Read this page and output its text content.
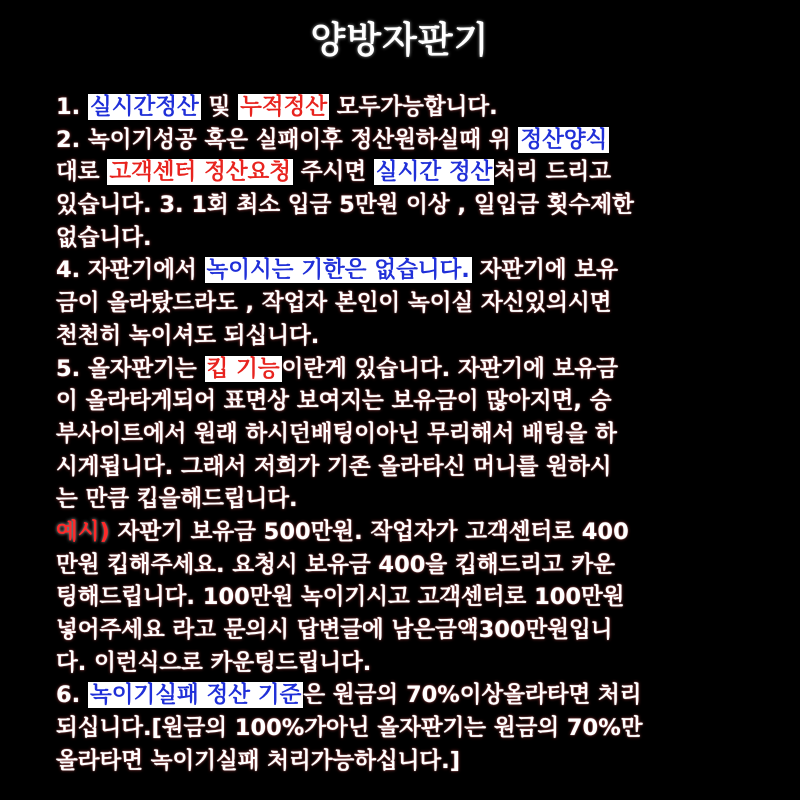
양방자판기
1. 실시간정산 및 누적정산 모두가능합니다.
2. 녹이기성공 혹은 실패이후 정산원하실때 위 정산양식
대로 고객센터 정산요청 주시면 실시간 정산처리 드리고
있습니다. 3. 1회 최소 입금 5만원 이상 , 일입금 횟수제한
없습니다.
4. 자판기에서 녹이시는 기한은 없습니다. 자판기에 보유
금이 올라탔드라도 , 작업자 본인이 녹이실 자신있의시면
천천히 녹이셔도 되십니다.
5. 올자판기는 킵 기능이란게 있습니다. 자판기에 보유금
이 올라타게되어 표면상 보여지는 보유금이 많아지면, 승
부사이트에서 원래 하시던배팅이아닌 무리해서 배팅을 하
시게됩니다. 그래서 저희가 기존 올라타신 머니를 원하시
는 만큼 킵을해드립니다.
예시) 자판기 보유금 500만원. 작업자가 고객센터로 400
만원 킵해주세요. 요청시 보유금 400을 킵해드리고 카운
팅해드립니다. 100만원 녹이기시고 고객센터로 100만원
넣어주세요 라고 문의시 답변글에 남은금액300만원입니
다. 이런식으로 카운팅드립니다.
6. 녹이기실패 정산 기준은 원금의 70%이상올라타면 처리
되십니다.[원금의 100%가아닌 올자판기는 원금의 70%만
올라타면 녹이기실패 처리가능하십니다.]
